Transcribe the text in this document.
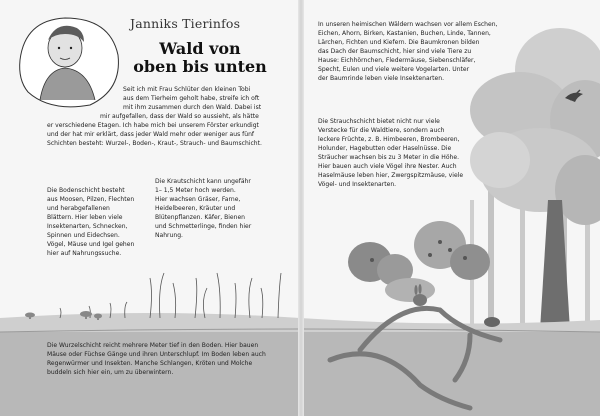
Janniks Tierinfos
Wald von
oben bis unten

Seit ich mit Frau Schlüter den kleinen Tobi

aus dem Tierheim geholt habe, streife ich oft

mit ihm zusammen durch den Wald. Dabei ist

mir aufgefallen, dass der Wald so aussieht, als hätte

er verschiedene Etagen. Ich habe mich bei unserem Förster erkundigt

und der hat mir erklärt, dass jeder Wald mehr oder weniger aus fünf

Schichten besteht: Wurzel-, Boden-, Kraut-, Strauch- und Baumschicht.

Die Bodenschicht besteht

aus Moosen, Pilzen, Flechten

und herabgefallenen

Blättern. Hier leben viele

Insektenarten, Schnecken,

Spinnen und Eidechsen.

Vögel, Mäuse und Igel gehen

hier auf Nahrungssuche.

Die Krautschicht kann ungefähr

1– 1,5 Meter hoch werden.

Hier wachsen Gräser, Farne,

Heidelbeeren, Kräuter und

Blütenpflanzen. Käfer, Bienen

und Schmetterlinge, finden hier

Nahrung.

Die Wurzelschicht reicht mehrere Meter tief in den Boden. Hier bauen

Mäuse oder Füchse Gänge und ihren Unterschlupf. Im Boden leben auch

Regenwürmer und Insekten. Manche Schlangen, Kröten und Molche

buddeln sich hier ein, um zu überwintern.

In unseren heimischen Wäldern wachsen vor allem Eschen,

Eichen, Ahorn, Birken, Kastanien, Buchen, Linde, Tannen,

Lärchen, Fichten und Kiefern. Die Baumkronen bilden

das Dach der Baumschicht, hier sind viele Tiere zu

Hause: Eichhörnchen, Fledermäuse, Siebenschläfer,

Specht, Eulen und viele weitere Vogelarten. Unter

der Baumrinde leben viele Insektenarten.

Die Strauchschicht bietet nicht nur viele

Verstecke für die Waldtiere, sondern auch

leckere Früchte, z. B. Himbeeren, Brombeeren,

Holunder, Hagebutten oder Haselnüsse. Die

Sträucher wachsen bis zu 3 Meter in die Höhe.

Hier bauen auch viele Vögel ihre Nester. Auch

Haselmäuse leben hier, Zwergspitzmäuse, viele

Vögel- und Insektenarten.
